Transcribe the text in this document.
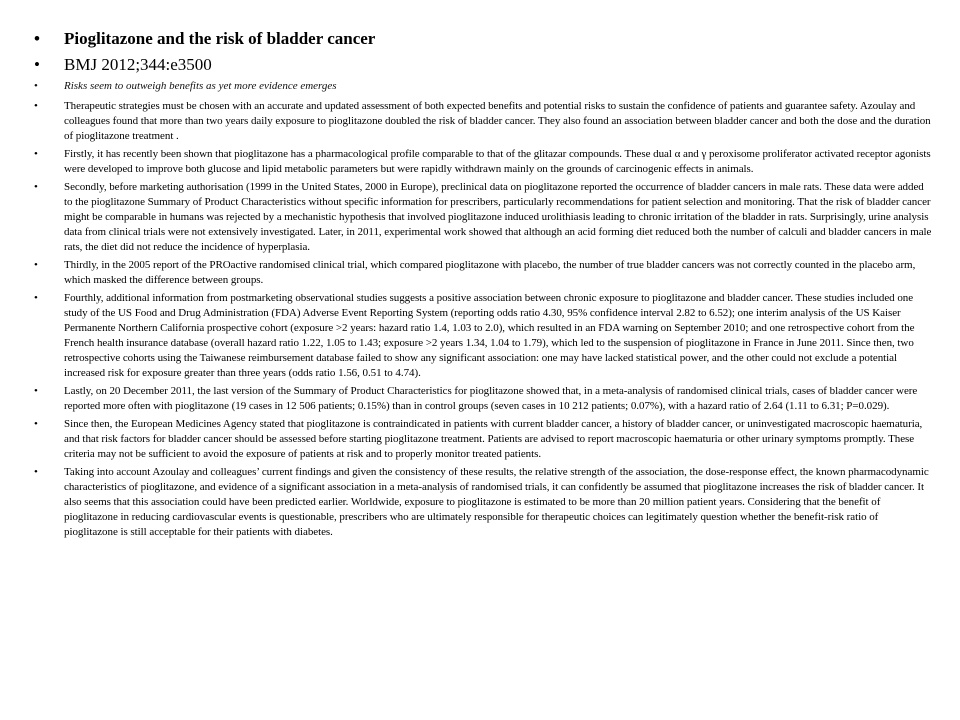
• Pioglitazone and the risk of bladder cancer
• BMJ 2012;344:e3500
• Risks seem to outweigh benefits as yet more evidence emerges
• Therapeutic strategies must be chosen with an accurate and updated assessment of both expected benefits and potential risks to sustain the confidence of patients and guarantee safety. Azoulay and colleagues found that more than two years daily exposure to pioglitazone doubled the risk of bladder cancer. They also found an association between bladder cancer and both the dose and the duration of pioglitazone treatment .
• Firstly, it has recently been shown that pioglitazone has a pharmacological profile comparable to that of the glitazar compounds. These dual α and γ peroxisome proliferator activated receptor agonists were developed to improve both glucose and lipid metabolic parameters but were rapidly withdrawn mainly on the grounds of carcinogenic effects in animals.
• Secondly, before marketing authorisation (1999 in the United States, 2000 in Europe), preclinical data on pioglitazone reported the occurrence of bladder cancers in male rats. These data were added to the pioglitazone Summary of Product Characteristics without specific information for prescribers, particularly recommendations for patient selection and monitoring. That the risk of bladder cancer might be comparable in humans was rejected by a mechanistic hypothesis that involved pioglitazone induced urolithiasis leading to chronic irritation of the bladder in rats. Surprisingly, urine analysis data from clinical trials were not extensively investigated. Later, in 2011, experimental work showed that although an acid forming diet reduced both the number of calculi and bladder cancers in male rats, the diet did not reduce the incidence of hyperplasia.
• Thirdly, in the 2005 report of the PROactive randomised clinical trial, which compared pioglitazone with placebo, the number of true bladder cancers was not correctly counted in the placebo arm, which masked the difference between groups.
• Fourthly, additional information from postmarketing observational studies suggests a positive association between chronic exposure to pioglitazone and bladder cancer. These studies included one study of the US Food and Drug Administration (FDA) Adverse Event Reporting System (reporting odds ratio 4.30, 95% confidence interval 2.82 to 6.52); one interim analysis of the US Kaiser Permanente Northern California prospective cohort (exposure >2 years: hazard ratio 1.4, 1.03 to 2.0), which resulted in an FDA warning on September 2010; and one retrospective cohort from the French health insurance database (overall hazard ratio 1.22, 1.05 to 1.43; exposure >2 years 1.34, 1.04 to 1.79), which led to the suspension of pioglitazone in France in June 2011. Since then, two retrospective cohorts using the Taiwanese reimbursement database failed to show any significant association: one may have lacked statistical power, and the other could not exclude a potential increased risk for exposure greater than three years (odds ratio 1.56, 0.51 to 4.74).
• Lastly, on 20 December 2011, the last version of the Summary of Product Characteristics for pioglitazone showed that, in a meta-analysis of randomised clinical trials, cases of bladder cancer were reported more often with pioglitazone (19 cases in 12 506 patients; 0.15%) than in control groups (seven cases in 10 212 patients; 0.07%), with a hazard ratio of 2.64 (1.11 to 6.31; P=0.029).
• Since then, the European Medicines Agency stated that pioglitazone is contraindicated in patients with current bladder cancer, a history of bladder cancer, or uninvestigated macroscopic haematuria, and that risk factors for bladder cancer should be assessed before starting pioglitazone treatment. Patients are advised to report macroscopic haematuria or other urinary symptoms promptly. These criteria may not be sufficient to avoid the exposure of patients at risk and to properly monitor treated patients.
• Taking into account Azoulay and colleagues’ current findings and given the consistency of these results, the relative strength of the association, the dose-response effect, the known pharmacodynamic characteristics of pioglitazone, and evidence of a significant association in a meta-analysis of randomised trials, it can confidently be assumed that pioglitazone increases the risk of bladder cancer. It also seems that this association could have been predicted earlier. Worldwide, exposure to pioglitazone is estimated to be more than 20 million patient years. Considering that the benefit of pioglitazone in reducing cardiovascular events is questionable, prescribers who are ultimately responsible for therapeutic choices can legitimately question whether the benefit-risk ratio of pioglitazone is still acceptable for their patients with diabetes.
